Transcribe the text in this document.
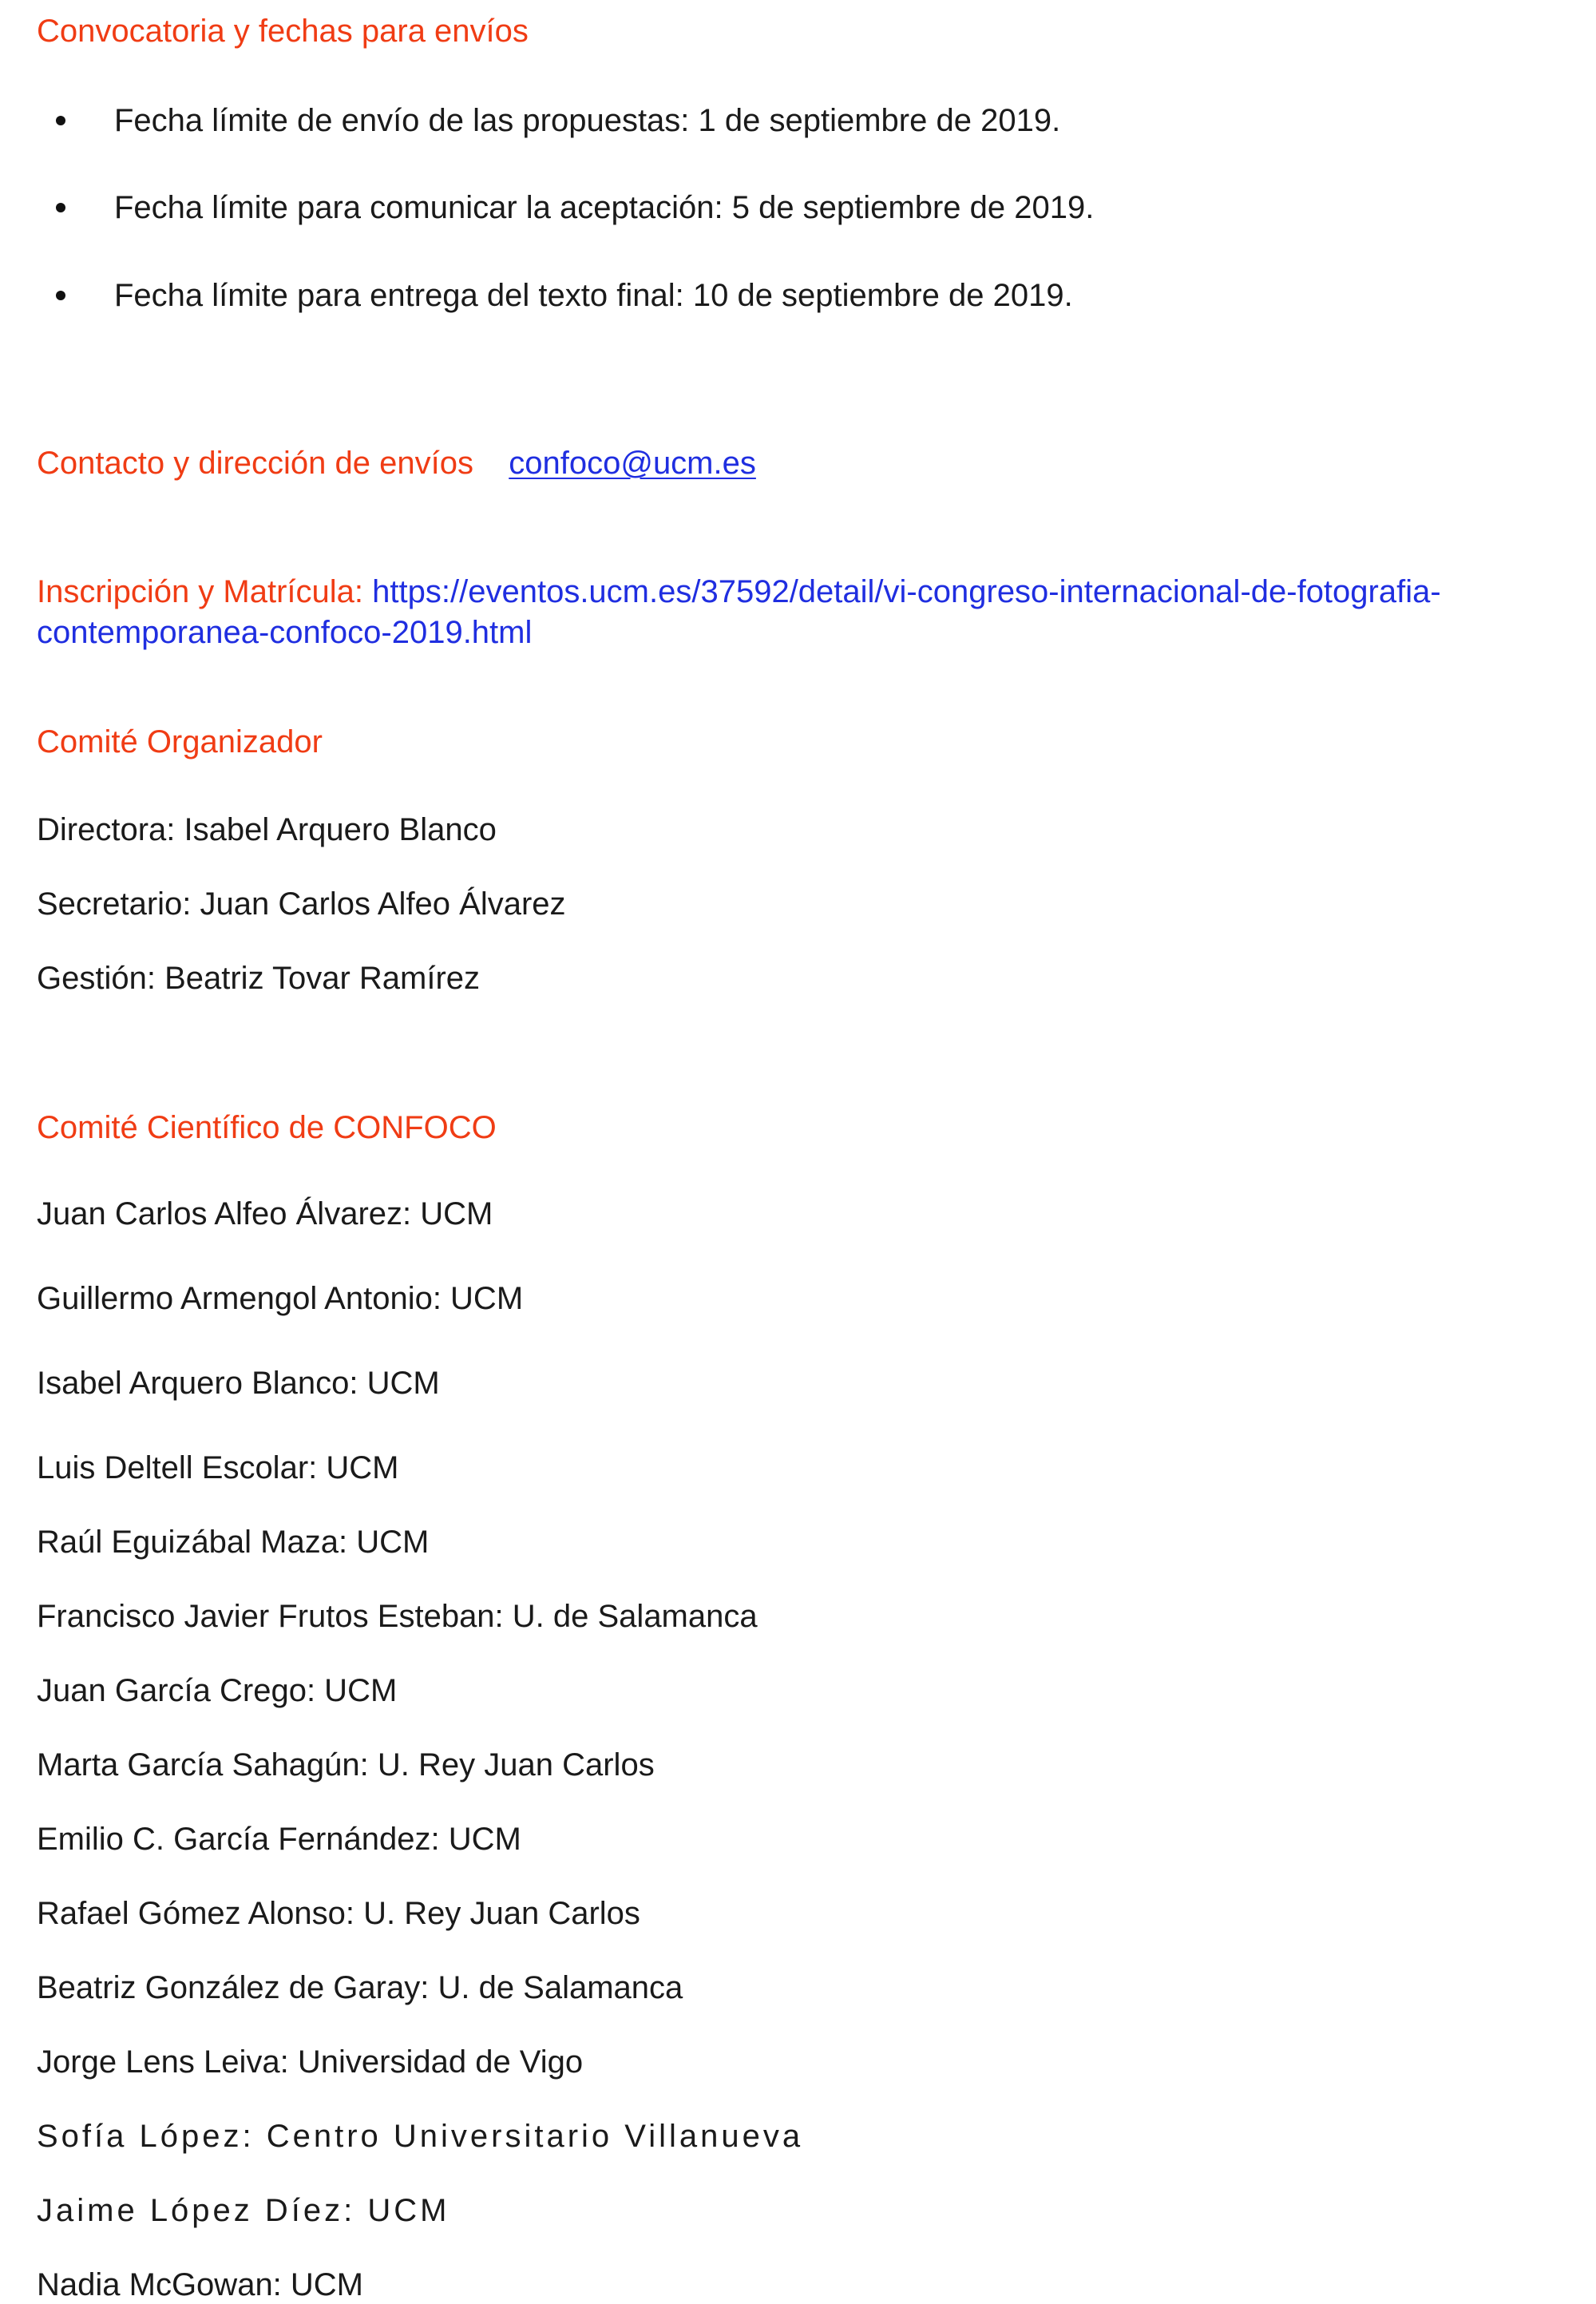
Convocatoria y fechas para envíos
Fecha límite de envío de las propuestas: 1 de septiembre de 2019.
Fecha límite para comunicar la aceptación: 5 de septiembre de 2019.
Fecha límite para entrega del texto final: 10 de septiembre de 2019.
Contacto y dirección de envíos confoco@ucm.es
Inscripción y Matrícula: https://eventos.ucm.es/37592/detail/vi-congreso-internacional-de-fotografia-
contemporanea-confoco-2019.html
Comité Organizador
Directora: Isabel Arquero Blanco
Secretario: Juan Carlos Alfeo Álvarez
Gestión: Beatriz Tovar Ramírez
Comité Científico de CONFOCO
Juan Carlos Alfeo Álvarez: UCM
Guillermo Armengol Antonio: UCM
Isabel Arquero Blanco: UCM
Luis Deltell Escolar: UCM
Raúl Eguizábal Maza: UCM
Francisco Javier Frutos Esteban: U. de Salamanca
Juan García Crego: UCM
Marta García Sahagún: U. Rey Juan Carlos
Emilio C. García Fernández: UCM
Rafael Gómez Alonso: U. Rey Juan Carlos
Beatriz González de Garay: U. de Salamanca
Jorge Lens Leiva: Universidad de Vigo
Sofía López: Centro Universitario Villanueva
Jaime López Díez: UCM
Nadia McGowan: UCM
